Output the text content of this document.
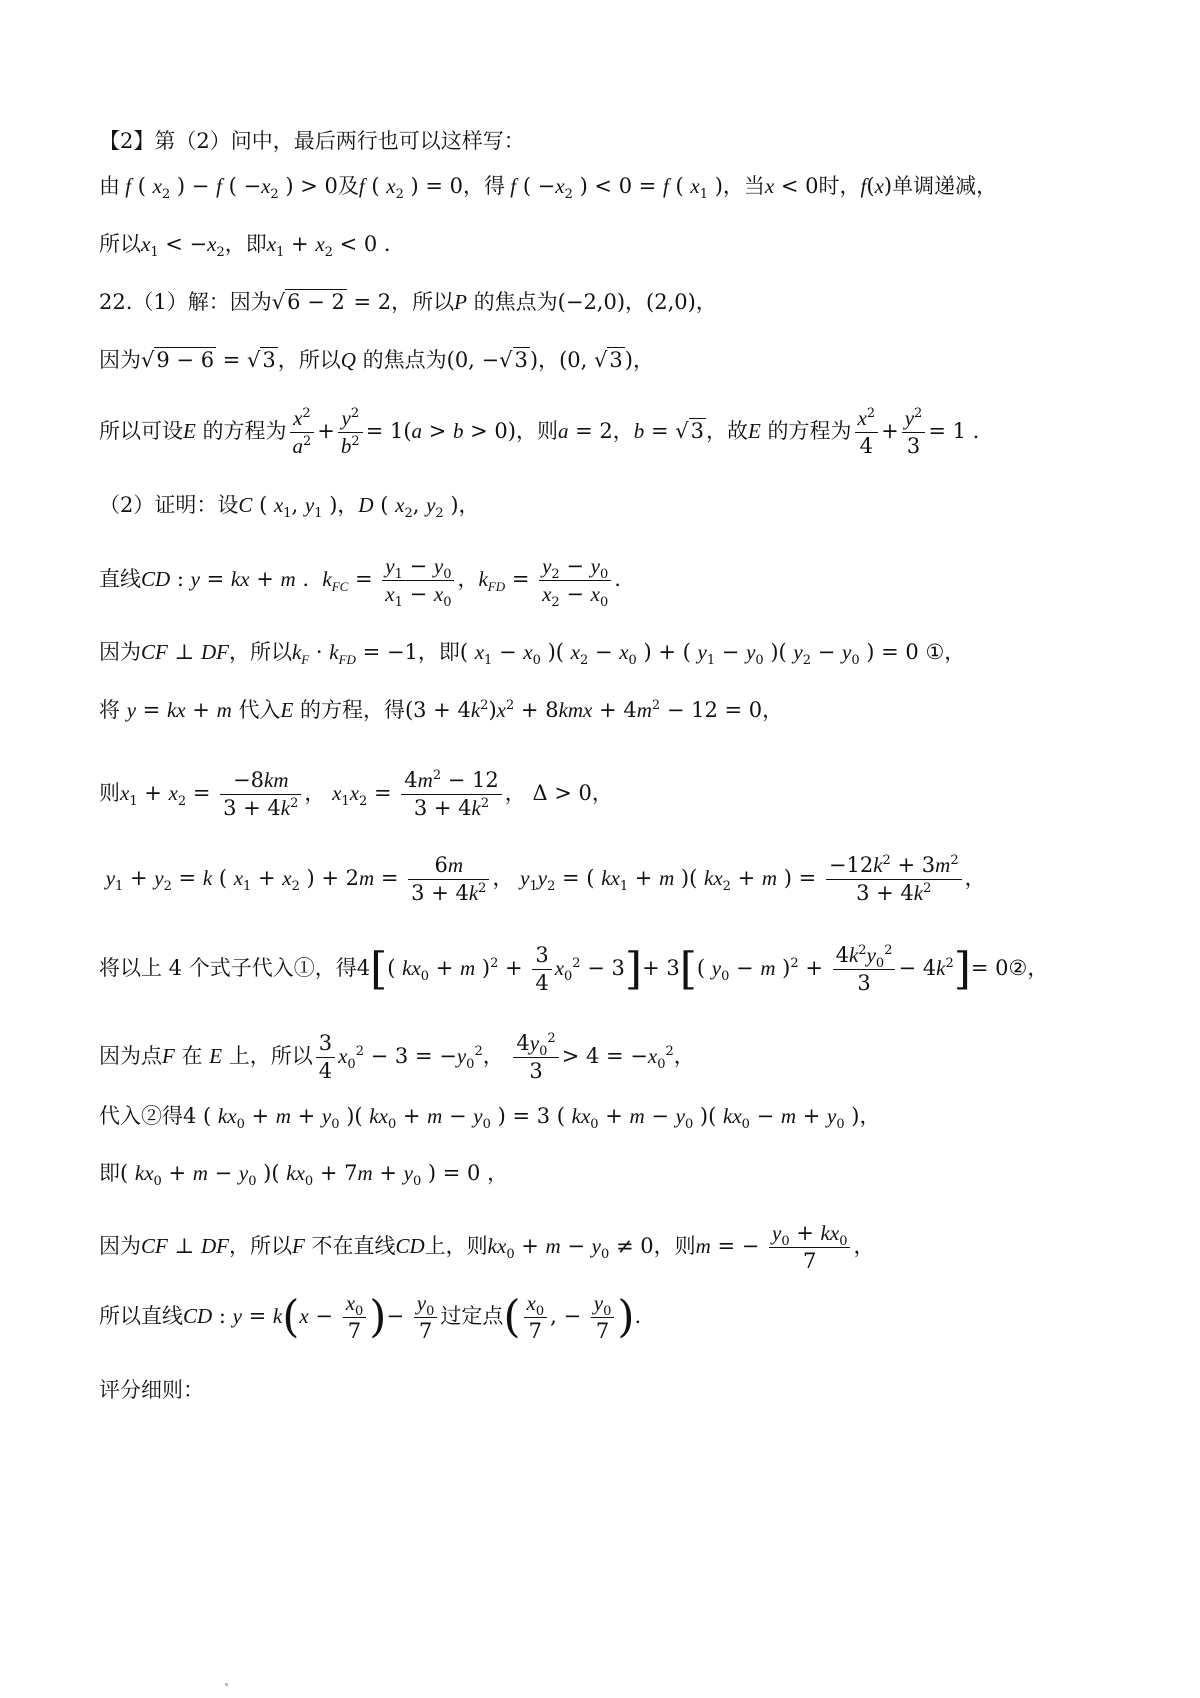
【2】第（2）问中，最后两行也可以这样写：
由 f ( $x_2$ ) − f ( $-x_2$ ) > 0及f ( $x_2$ ) = 0，得 f ( $-x_2$ ) < 0 = f ( $x_1$ )，当x < 0时，f(x)单调递减，
所以$x_1 < -x_2$，即$x_1 + x_2 < 0$ .
22.（1）解：因为√6 − 2 = 2，所以P 的焦点为(−2,0)，(2,0)，
因为√9 − 6 = √3，所以Q 的焦点为(0, −√3)，(0, √3)，
所以可设E 的方程为 $\frac{x^2}{a^2} + \frac{y^2}{b^2} = 1(a > b > 0)$，则a = 2，b = √3，故E 的方程为 $\frac{x^2}{4} + \frac{y^2}{3} = 1$ .
（2）证明：设C ( $x_1$, $y_1$ )，D ( $x_2$, $y_2$ )，
直线CD : y = kx + m .  $k_{FC} = \frac{y_1 - y_0}{x_1 - x_0}$ ，$k_{FD} = \frac{y_2 - y_0}{x_2 - x_0}$ .
因为CF ⊥ DF，所以$k_F \cdot k_{FD} = -1$，即( $x_1 - x_0$ )( $x_2 - x_0$ ) + ( $y_1 - y_0$ )( $y_2 - y_0$ ) = 0 ①，
将 y = kx + m 代入E 的方程，得$(3 + 4k^2)x^2 + 8kmx + 4m^2 - 12 = 0$，
则$x_1 + x_2 = \frac{-8km}{3 + 4k^2}$ ， $x_1x_2 = \frac{4m^2 - 12}{3 + 4k^2}$ ， Δ > 0，
$y_1 + y_2 = k$ ( $x_1 + x_2$ ) + $2m = \frac{6m}{3 + 4k^2}$ ， $y_1y_2$ = ( $kx_1 + m$ )( $kx_2 + m$ ) = $\frac{-12k^2 + 3m^2}{3 + 4k^2}$ ，
将以上 4 个式子代入①，得4[( $kx_0 + m$ )$^2 + \frac{3}{4} x_0^2 - 3]+ 3$[( $y_0 - m$ )$^2 + \frac{4k^2y_0^2}{3} - 4k^2]=$ 0②，
因为点F 在 E 上，所以 $\frac{3}{4} x_0^2 - 3 = -y_0^2$， $\frac{4y_0^2}{3} > 4 = -x_0^2$，
代入②得4 ( $kx_0 + m + y_0$ )( $kx_0 + m - y_0$ ) = 3 ( $kx_0 + m - y_0$ )( $kx_0 - m + y_0$ )，
即( $kx_0 + m - y_0$ )( $kx_0 + 7m + y_0$ ) = 0 ，
因为CF ⊥ DF，所以F 不在直线CD上，则$kx_0 + m - y_0 \ne 0$，则m = − $\frac{y_0 + kx_0}{7}$ ，
所以直线CD : $y = k(x - \frac{x_0}{7}$ )− $\frac{y_0}{7}$ 过定点( $\frac{x_0}{7}$ , − $\frac{y_0}{7}$ ).
评分细则：
